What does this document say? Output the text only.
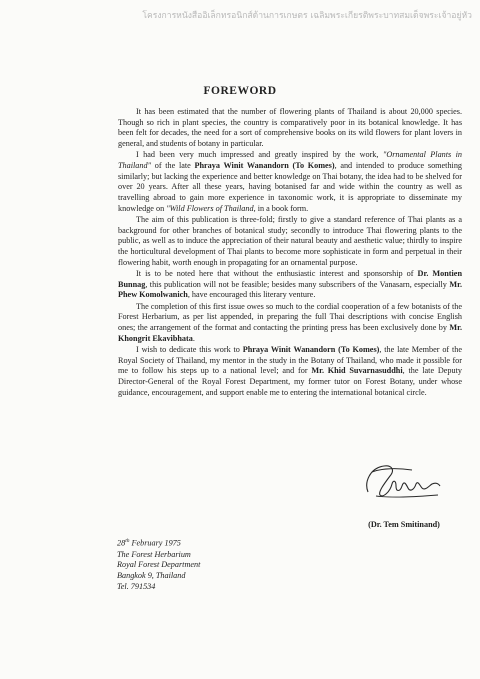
โครงการหนังสืออิเล็กทรอนิกส์ด้านการเกษตร เฉลิมพระเกียรติพระบาทสมเด็จพระเจ้าอยู่หัว
FOREWORD

It has been estimated that the number of flowering plants of Thailand is about 20,000 species. Though so rich in plant species, the country is comparatively poor in its botanical knowledge. It has been felt for decades, the need for a sort of comprehensive books on its wild flowers for plant lovers in general, and students of botany in particular.

I had been very much impressed and greatly inspired by the work, "Ornamental Plants in Thailand" of the late Phraya Winit Wanandorn (To Komes), and intended to produce something similarly; but lacking the experience and better knowledge on Thai botany, the idea had to be shelved for over 20 years. After all these years, having botanised far and wide within the country as well as travelling abroad to gain more experience in taxonomic work, it is appropriate to disseminate my knowledge on "Wild Flowers of Thailand, in a book form.

The aim of this publication is three-fold; firstly to give a standard reference of Thai plants as a background for other branches of botanical study; secondly to introduce Thai flowering plants to the public, as well as to induce the appreciation of their natural beauty and aesthetic value; thirdly to inspire the horticultural development of Thai plants to become more sophisticate in form and perpetual in their flowering habit, worth enough in propagating for an ornamental purpose.

It is to be noted here that without the enthusiastic interest and sponsorship of Dr. Montien Bunnag, this publication will not be feasible; besides many subscribers of the Vanasarn, especially Mr. Phew Komolwanich, have encouraged this literary venture.

The completion of this first issue owes so much to the cordial cooperation of a few botanists of the Forest Herbarium, as per list appended, in preparing the full Thai descriptions with concise English ones; the arrangement of the format and contacting the printing press has been exclusively done by Mr. Khongrit Ekavibhata.

I wish to dedicate this work to Phraya Winit Wanandorn (To Komes), the late Member of the Royal Society of Thailand, my mentor in the study in the Botany of Thailand, who made it possible for me to follow his steps up to a national level; and for Mr. Khid Suvarnasuddhi, the late Deputy Director-General of the Royal Forest Department, my former tutor on Forest Botany, under whose guidance, encouragement, and support enable me to entering the international botanical circle.

(Dr. Tem Smitinand)
28th February 1975
The Forest Herbarium
Royal Forest Department
Bangkok 9, Thailand
Tel. 791534
